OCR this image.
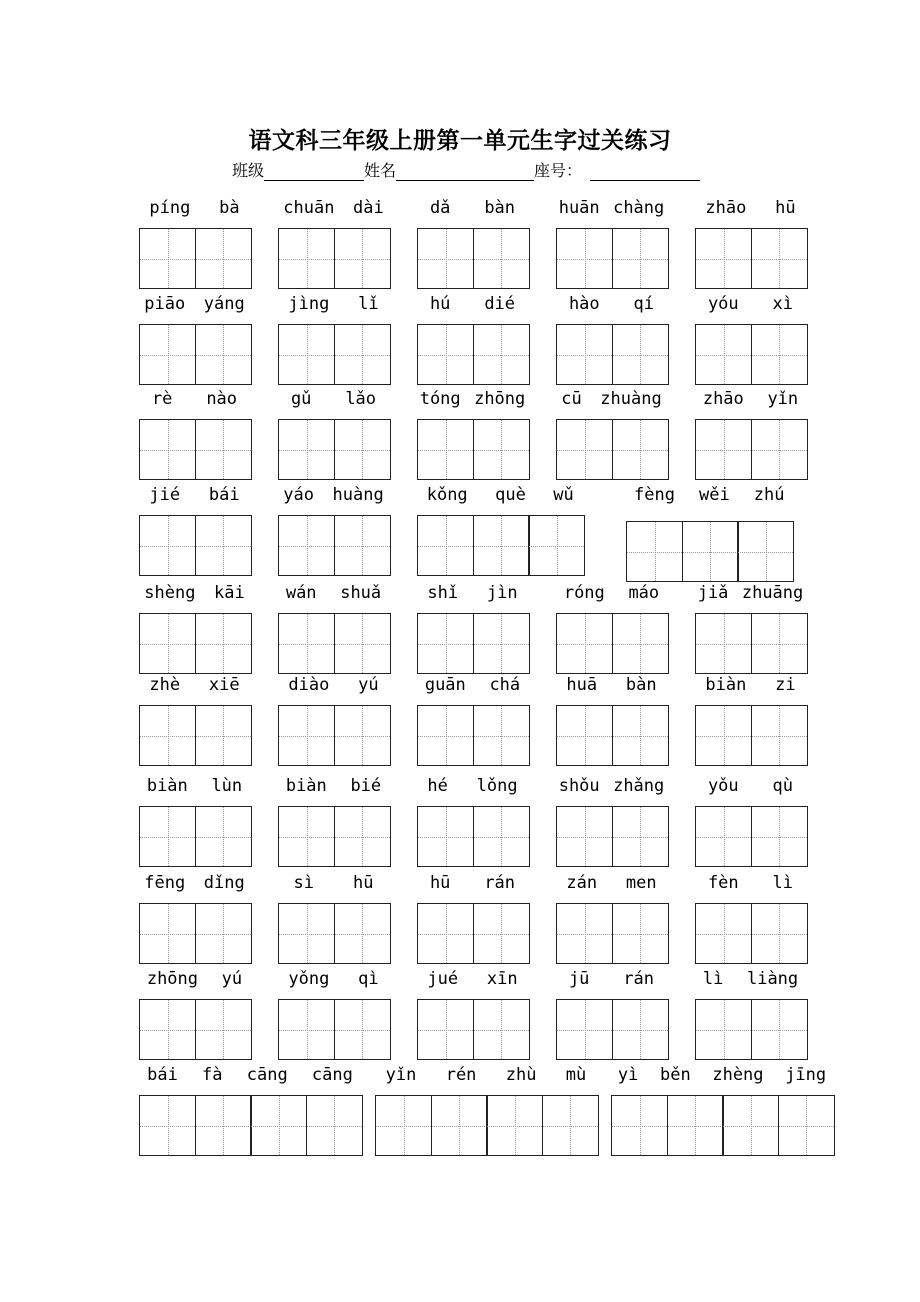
语文科三年级上册第一单元生字过关练习
班级	姓名	座号：
píng bà	chuān dài	dǎ bàn	huān chàng zhāo hū
piāo yáng	jìng lǐ	hú dié	hào qí	yóu xì
rè nào	gǔ lǎo	tóng zhōng cū zhuàng zhāo yǐn
jié bái	yáo huàng	kǒng què wǔ	fèng wěi zhú
shèng kāi wán shuǎ	shǐ jìn	róng máo jiǎ zhuāng
zhè xiē	diào yú	guān chá	huā bàn	biàn zi
biàn lùn	biàn bié	hé lǒng shǒu zhǎng	yǒu qù
fēng dǐng	sì hū	hū rán	zán men	fèn lì
zhōng yú	yǒng qì	jué xīn	jū rán	lì liàng
bái fà cāng cāng yǐn rén zhù mù yì běn zhèng jīng
